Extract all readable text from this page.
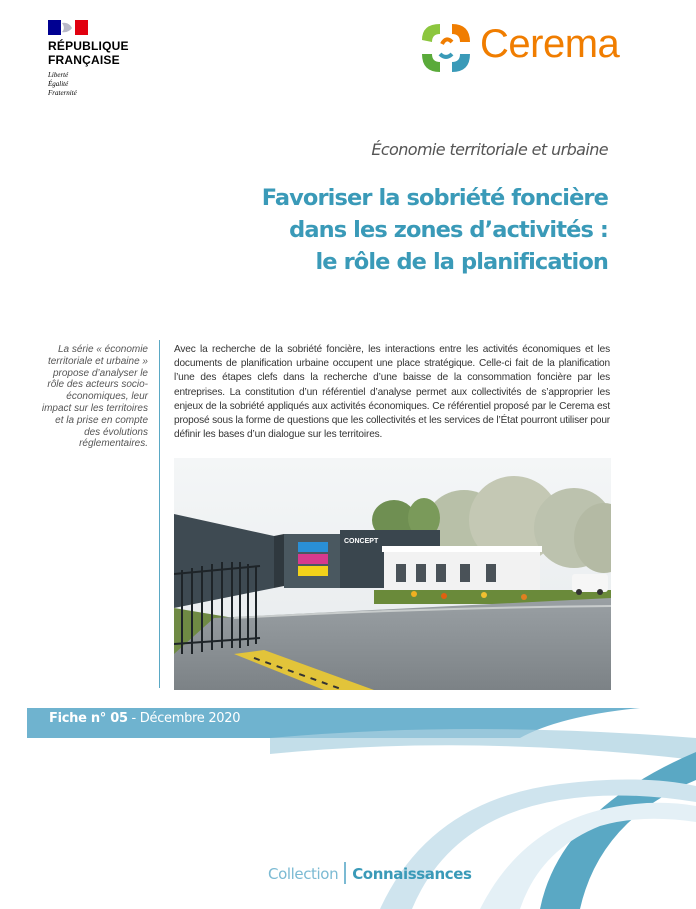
RÉPUBLIQUE
FRANÇAISE
Liberté
Égalité
Fraternité
Cerema
Économie territoriale et urbaine
Favoriser la sobriété foncière
dans les zones d’activités :
le rôle de la planification
La série « économie territoriale et urbaine » propose d’analyser le rôle des acteurs socio-économiques, leur impact sur les territoires et la prise en compte des évolutions réglementaires.
Avec la recherche de la sobriété foncière, les interactions entre les activités économiques et les documents de planification urbaine occupent une place stratégique. Celle-ci fait de la planification l’une des étapes clefs dans la recherche d’une baisse de la consommation foncière par les entreprises. La constitution d’un référentiel d’analyse permet aux collectivités de s’approprier les enjeux de la sobriété appliqués aux activités économiques. Ce référentiel proposé par le Cerema est proposé sous la forme de questions que les collectivités et les services de l’État pourront utiliser pour définir les bases d’un dialogue sur les territoires.
CONCEPT
Fiche n° 05 - Décembre 2020
Collection Connaissances
